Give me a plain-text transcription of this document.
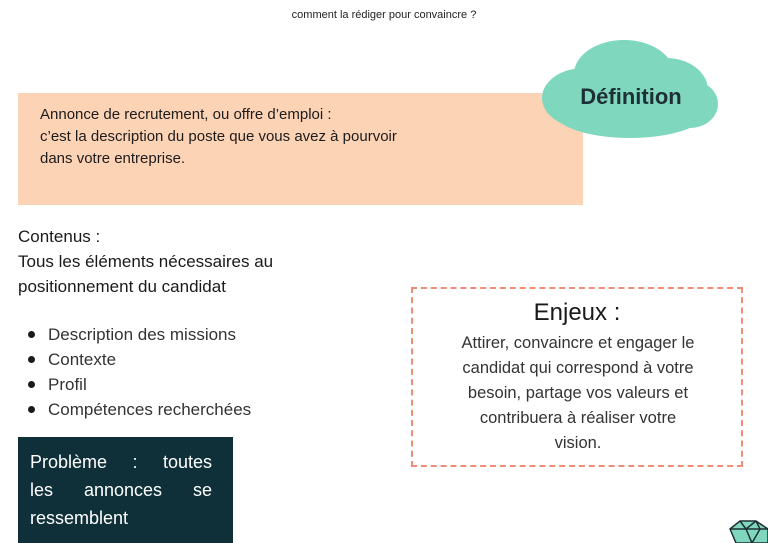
comment la rédiger pour convaincre ?
Annonce de recrutement, ou offre d’emploi :
c’est la description du poste que vous avez à pourvoir
dans votre entreprise.
Définition
Contenus :
Tous les éléments nécessaires au
positionnement du candidat
Description des missions
Contexte
Profil
Compétences recherchées
Problème : toutes
les annonces se
ressemblent
Enjeux :
Attirer, convaincre et engager le
candidat qui correspond à votre
besoin, partage vos valeurs et
contribuera à réaliser votre
vision.
